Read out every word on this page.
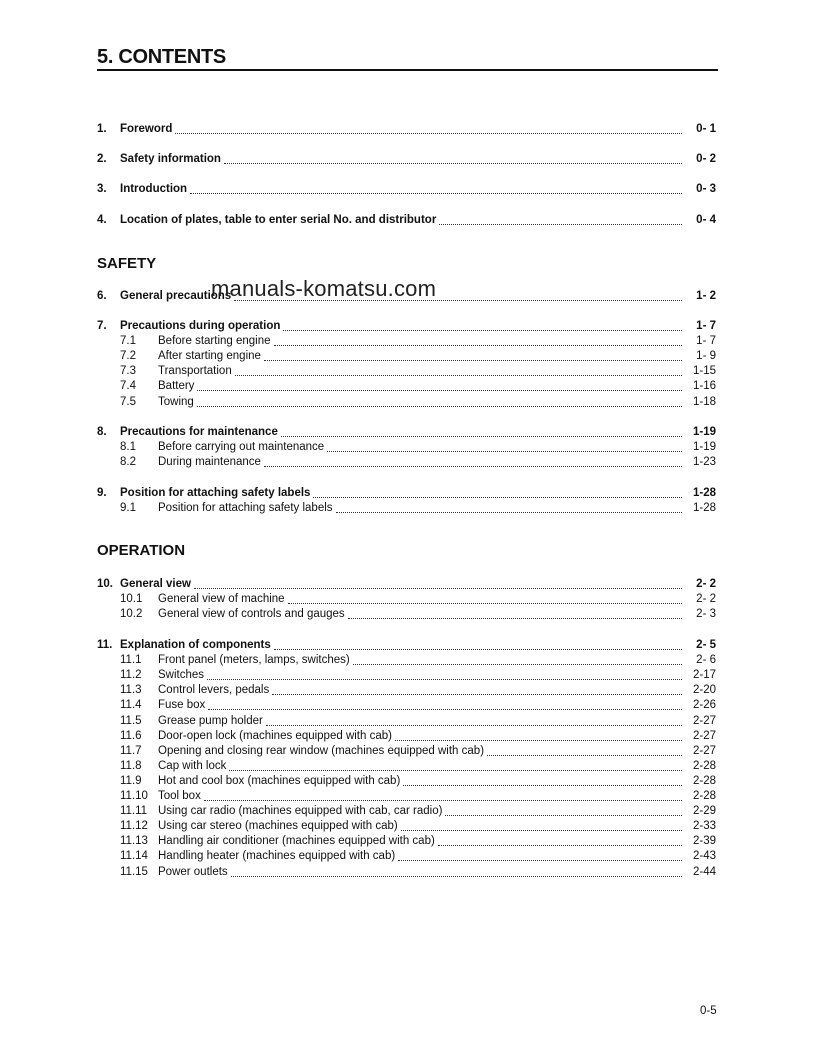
5. CONTENTS
1.	Foreword	0- 1
2.	Safety information	0- 2
3.	Introduction	0- 3
4.	Location of plates, table to enter serial No. and distributor	0- 4
SAFETY
6.	General precautions	1- 2
7.	Precautions during operation	1- 7
7.1	Before starting engine	1- 7
7.2	After starting engine	1- 9
7.3	Transportation	1-15
7.4	Battery	1-16
7.5	Towing	1-18
8.	Precautions for maintenance	1-19
8.1	Before carrying out maintenance	1-19
8.2	During maintenance	1-23
9.	Position for attaching safety labels	1-28
9.1	Position for attaching safety labels	1-28
OPERATION
10. General view	2- 2
10.1	General view of machine	2- 2
10.2	General view of controls and gauges	2- 3
11. Explanation of components	2- 5
11.1	Front panel (meters, lamps, switches)	2- 6
11.2	Switches	2-17
11.3	Control levers, pedals	2-20
11.4	Fuse box	2-26
11.5	Grease pump holder	2-27
11.6	Door-open lock (machines equipped with cab)	2-27
11.7	Opening and closing rear window (machines equipped with cab)	2-27
11.8	Cap with lock	2-28
11.9	Hot and cool box (machines equipped with cab)	2-28
11.10 Tool box	2-28
11.11 Using car radio (machines equipped with cab, car radio)	2-29
11.12 Using car stereo (machines equipped with cab)	2-33
11.13 Handling air conditioner (machines equipped with cab)	2-39
11.14 Handling heater (machines equipped with cab)	2-43
11.15 Power outlets	2-44
manuals-komatsu.com
0-5
